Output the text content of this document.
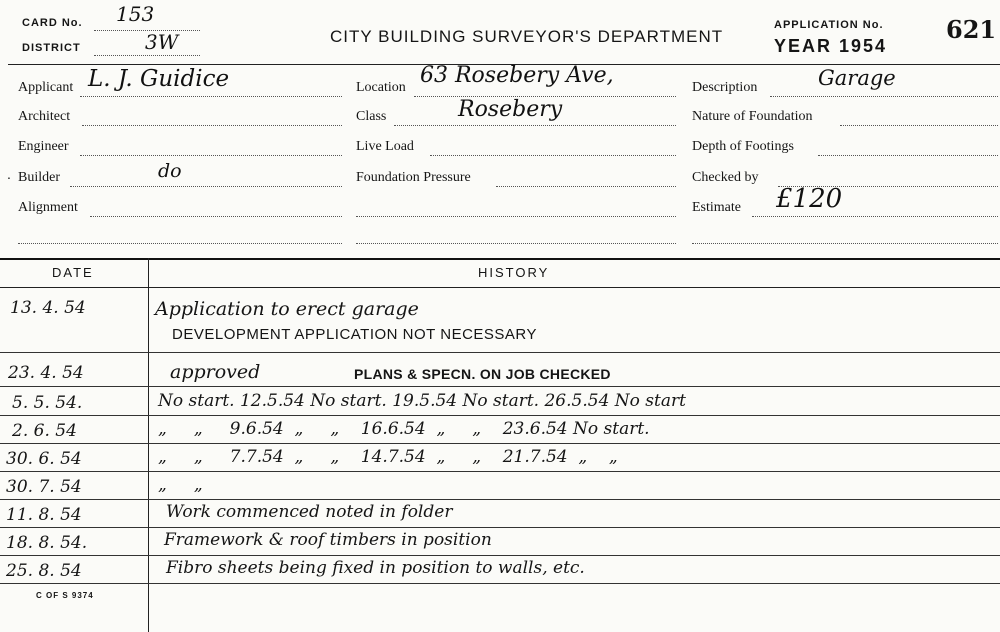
CARD No. 153
DISTRICT	3W	CITY BUILDING SURVEYOR'S DEPARTMENT
APPLICATION No.	621
YEAR 1954
Applicant L. J. Guidice
Architect
Engineer
. Builder	do
Alignment
Location 63 Rosebery Ave,
Class	Rosebery
Live Load
Foundation Pressure
Description	Garage
Nature of Foundation
Depth of Footings
Checked by
Estimate £120
DATE	HISTORY
13. 4. 54	Application to erect garage
DEVELOPMENT APPLICATION NOT NECESSARY
23. 4. 54	approved	PLANS & SPECN. ON JOB CHECKED
5. 5. 54.	No start. 12.5.54 No start. 19.5.54 No start. 26.5.54 No start
2. 6. 54	„     „     9.6.54  „     „    16.6.54  „     „    23.6.54 No start.
30. 6. 54	„     „     7.7.54  „     „    14.7.54  „     „    21.7.54  „    „
30. 7. 54	„     „
11. 8. 54	Work commenced noted in folder
18. 8. 54.	Framework & roof timbers in position
25. 8. 54	Fibro sheets being fixed in position to walls, etc.
C OF S 9374
